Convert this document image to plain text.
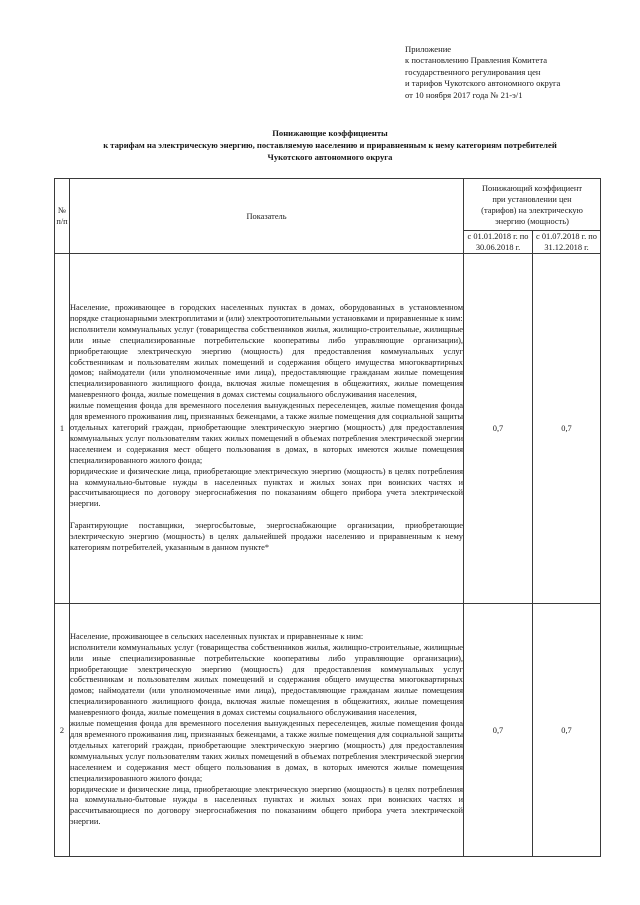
Приложение
к постановлению Правления Комитета
государственного регулирования цен
и тарифов Чукотского автономного округа
от 10 ноября 2017 года № 21-э/1
Понижающие коэффициенты
к тарифам на электрическую энергию, поставляемую населению и приравненным к нему категориям потребителей
Чукотского автономного округа
№ п/п	Показатель	Понижающий коэффициент при установлении цен (тарифов) на электрическую энергию (мощность)	
		с 01.01.2018 г. по 30.06.2018 г.	с 01.07.2018 г. по 31.12.2018 г.
1	Население, проживающее в городских населенных пунктах в домах, оборудованных в установленном порядке стационарными электроплитами и (или) электроотопительными установками и приравненные к ним:

исполнители коммунальных услуг (товарищества собственников жилья, жилищно-строительные, жилищные или иные специализированные потребительские кооперативы либо управляющие организации), приобретающие электрическую энергию (мощность) для предоставления коммунальных услуг собственникам и пользователям жилых помещений и содержания общего имущества многоквартирных домов; наймодатели (или уполномоченные ими лица), предоставляющие гражданам жилые помещения специализированного жилищного фонда, включая жилые помещения в общежитиях, жилые помещения маневренного фонда, жилые помещения в домах системы социального обслуживания населения,

жилые помещения фонда для временного поселения вынужденных переселенцев, жилые помещения фонда для временного проживания лиц, признанных беженцами, а также жилые помещения для социальной защиты отдельных категорий граждан, приобретающие электрическую энергию (мощность) для предоставления коммунальных услуг пользователям таких жилых помещений в объемах потребления электрической энергии населением и содержания мест общего пользования в домах, в которых имеются жилые помещения специализированного жилого фонда;

юридические и физические лица, приобретающие электрическую энергию (мощность) в целях потребления на коммунально-бытовые нужды в населенных пунктах и жилых зонах при воинских частях и рассчитывающиеся по договору энергоснабжения по показаниям общего прибора учета электрической энергии.

Гарантирующие поставщики, энергосбытовые, энергоснабжающие организации, приобретающие электрическую энергию (мощность) в целях дальнейшей продажи населению и приравненным к нему категориям потребителей, указанным в данном пункте*	0,7	0,7
2	Население, проживающее в сельских населенных пунктах и приравненные к ним:

исполнители коммунальных услуг (товарищества собственников жилья, жилищно-строительные, жилищные или иные специализированные потребительские кооперативы либо управляющие организации), приобретающие электрическую энергию (мощность) для предоставления коммунальных услуг собственникам и пользователям жилых помещений и содержания общего имущества многоквартирных домов; наймодатели (или уполномоченные ими лица), предоставляющие гражданам жилые помещения специализированного жилищного фонда, включая жилые помещения в общежитиях, жилые помещения маневренного фонда, жилые помещения в домах системы социального обслуживания населения,

жилые помещения фонда для временного поселения вынужденных переселенцев, жилые помещения фонда для временного проживания лиц, признанных беженцами, а также жилые помещения для социальной защиты отдельных категорий граждан, приобретающие электрическую энергию (мощность) для предоставления коммунальных услуг пользователям таких жилых помещений в объемах потребления электрической энергии населением и содержания мест общего пользования в домах, в которых имеются жилые помещения специализированного жилого фонда;

юридические и физические лица, приобретающие электрическую энергию (мощность) в целях потребления на коммунально-бытовые нужды в населенных пунктах и жилых зонах при воинских частях и рассчитывающиеся по договору энергоснабжения по показаниям общего прибора учета электрической энергии.	0,7	0,7
